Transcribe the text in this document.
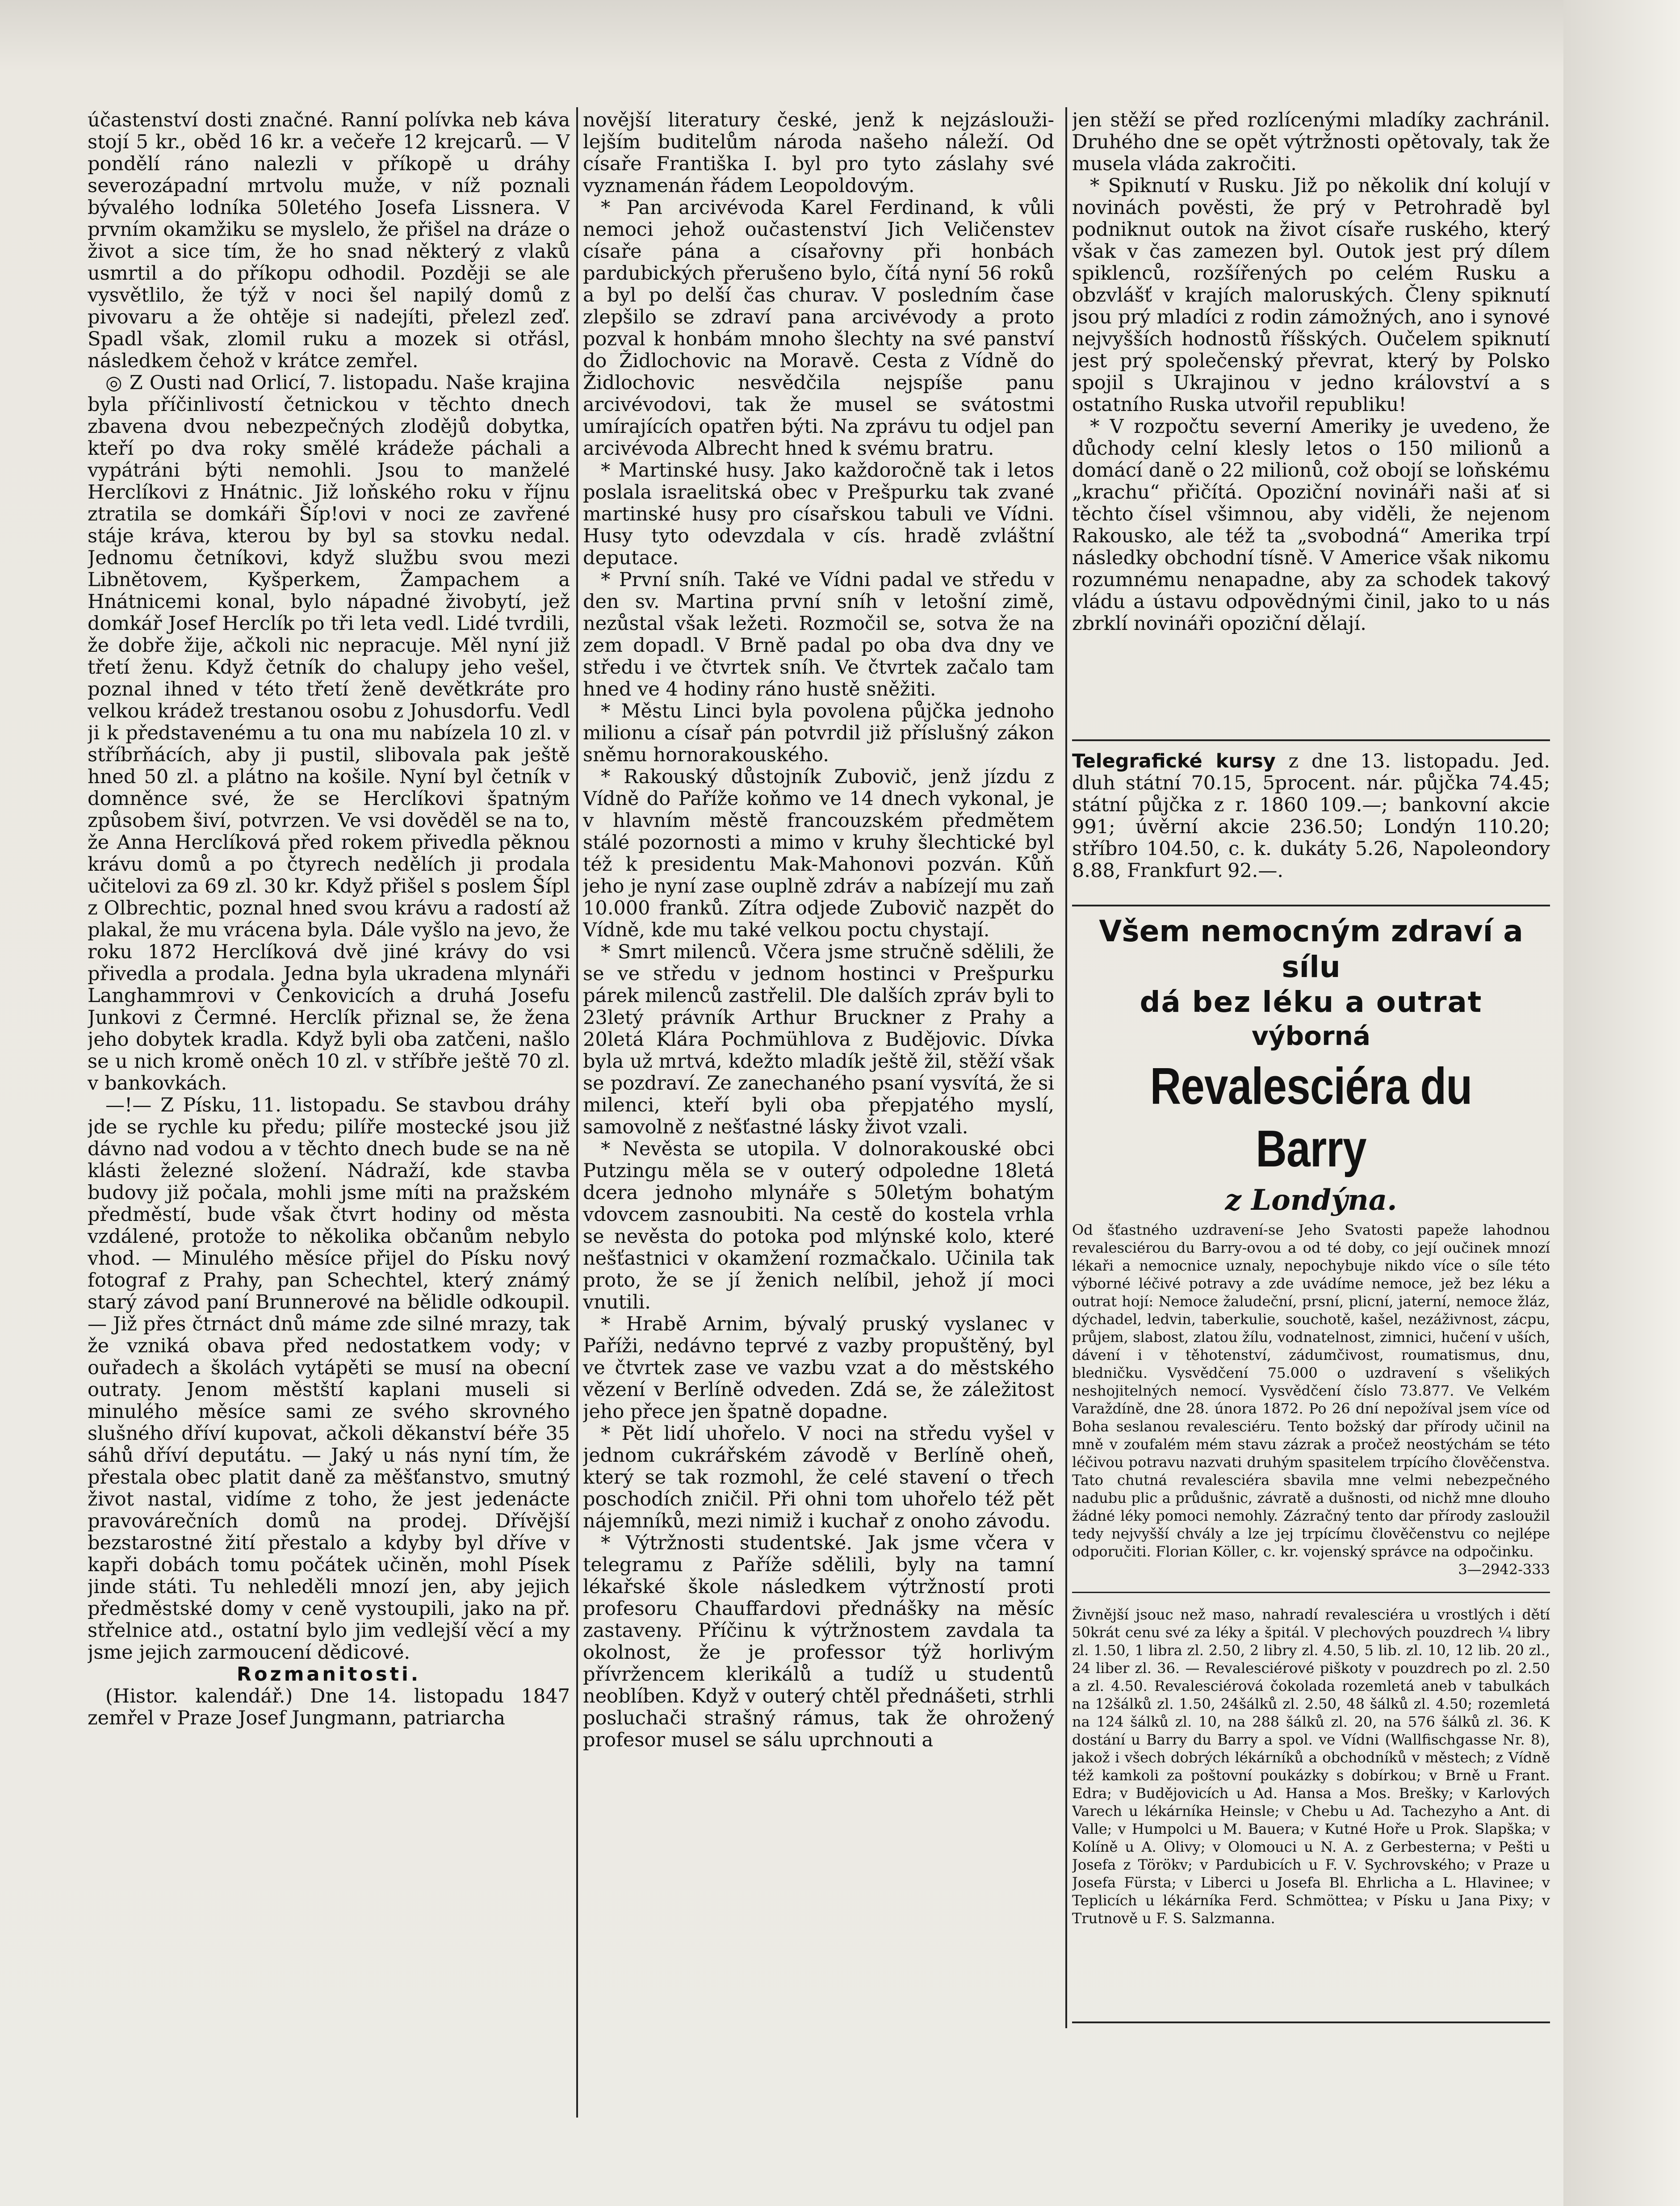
účastenství dosti značné. Ranní polívka neb káva stojí 5 kr., oběd 16 kr. a večeře 12 krejcarů. — V pondělí ráno nalezli v příkopě u dráhy severozápadní mrtvolu muže, v níž poznali bývalého lodníka 50letého Josefa Lissnera. V prvním okamžiku se myslelo, že přišel na dráze o život a sice tím, že ho snad některý z vlaků usmrtil a do příkopu odhodil. Později se ale vysvětlilo, že týž v noci šel napilý domů z pivovaru a že ohtěje si nadejíti, přelezl zeď. Spadl však, zlomil ruku a mozek si otřásl, následkem čehož v krátce zemřel.

◎ Z Ousti nad Orlicí, 7. listopadu. Naše krajina byla příčinlivostí četnickou v těchto dnech zbavena dvou nebezpečných zlodějů dobytka, kteří po dva roky smělé krádeže páchali a vypátráni býti nemohli. Jsou to manželé Herclíkovi z Hnátnic. Již loňského roku v říjnu ztratila se domkáři Šíp!ovi v noci ze zavřené stáje kráva, kterou by byl sa stovku nedal. Jednomu četníkovi, když službu svou mezi Libnětovem, Kyšperkem, Žampachem a Hnátnicemi konal, bylo nápadné živobytí, jež domkář Josef Herclík po tři leta vedl. Lidé tvrdili, že dobře žije, ačkoli nic nepracuje. Měl nyní již třetí ženu. Když četník do chalupy jeho vešel, poznal ihned v této třetí ženě devětkráte pro velkou krádež trestanou osobu z Johusdorfu. Vedl ji k představenému a tu ona mu nabízela 10 zl. v stříbrňácích, aby ji pustil, slibovala pak ještě hned 50 zl. a plátno na košile. Nyní byl četník v domněnce své, že se Herclíkovi špatným způsobem šiví, potvrzen. Ve vsi dověděl se na to, že Anna Herclíková před rokem přivedla pěknou krávu domů a po čtyrech nedělích ji prodala učitelovi za 69 zl. 30 kr. Když přišel s poslem Šípl z Olbrechtic, poznal hned svou krávu a radostí až plakal, že mu vrácena byla. Dále vyšlo na jevo, že roku 1872 Herclíková dvě jiné krávy do vsi přivedla a prodala. Jedna byla ukradena mlynáři Langhammrovi v Čenkovicích a druhá Josefu Junkovi z Čermné. Herclík přiznal se, že žena jeho dobytek kradla. Když byli oba zatčeni, našlo se u nich kromě oněch 10 zl. v stříbře ještě 70 zl. v bankovkách.

—!— Z Písku, 11. listopadu. Se stavbou dráhy jde se rychle ku předu; pilíře mostecké jsou již dávno nad vodou a v těchto dnech bude se na ně klásti železné složení. Nádraží, kde stavba budovy již počala, mohli jsme míti na pražském předměstí, bude však čtvrt hodiny od města vzdálené, protože to několika občanům nebylo vhod. — Minulého měsíce přijel do Písku nový fotograf z Prahy, pan Schechtel, který známý starý závod paní Brunnerové na bělidle odkoupil. — Již přes čtrnáct dnů máme zde silné mrazy, tak že vzniká obava před nedostatkem vody; v ouřadech a školách vytápěti se musí na obecní outraty. Jenom městští kaplani museli si minulého měsíce sami ze svého skrovného slušného dříví kupovat, ačkoli děkanství béře 35 sáhů dříví deputátu. — Jaký u nás nyní tím, že přestala obec platit daně za měšťanstvo, smutný život nastal, vidíme z toho, že jest jedenácte pravovárečních domů na prodej. Dřívější bezstarostné žití přestalo a kdyby byl dříve v kapři dobách tomu počátek učiněn, mohl Písek jinde státi. Tu nehleděli mnozí jen, aby jejich předměstské domy v ceně vystoupili, jako na př. střelnice atd., ostatní bylo jim vedlejší věcí a my jsme jejich zarmoucení dědicové.

Rozmanitosti.

(Histor. kalendář.) Dne 14. listopadu 1847 zemřel v Praze Josef Jungmann, patriarcha

novější literatury české, jenž k nejzáslouži-lejším buditelům národa našeho náleží. Od císaře Františka I. byl pro tyto záslahy své vyznamenán řádem Leopoldovým.

* Pan arcivévoda Karel Ferdinand, k vůli nemoci jehož oučastenství Jich Veličenstev císaře pána a císařovny při honbách pardubických přerušeno bylo, čítá nyní 56 roků a byl po delší čas churav. V posledním čase zlepšilo se zdraví pana arcivévody a proto pozval k honbám mnoho šlechty na své panství do Židlochovic na Moravě. Cesta z Vídně do Židlochovic nesvědčila nejspíše panu arcivévodovi, tak že musel se svátostmi umírajících opatřen býti. Na zprávu tu odjel pan arcivévoda Albrecht hned k svému bratru.

* Martinské husy. Jako každoročně tak i letos poslala israelitská obec v Prešpurku tak zvané martinské husy pro císařskou tabuli ve Vídni. Husy tyto odevzdala v cís. hradě zvláštní deputace.

* První sníh. Také ve Vídni padal ve středu v den sv. Martina první sníh v letošní zimě, nezůstal však ležeti. Rozmočil se, sotva že na zem dopadl. V Brně padal po oba dva dny ve středu i ve čtvrtek sníh. Ve čtvrtek začalo tam hned ve 4 hodiny ráno hustě sněžiti.

* Městu Linci byla povolena půjčka jednoho milionu a císař pán potvrdil již příslušný zákon sněmu hornorakouského.

* Rakouský důstojník Zubovič, jenž jízdu z Vídně do Paříže koňmo ve 14 dnech vykonal, je v hlavním městě francouzském předmětem stálé pozornosti a mimo v kruhy šlechtické byl též k presidentu Mak-Mahonovi pozván. Kůň jeho je nyní zase ouplně zdráv a nabízejí mu zaň 10.000 franků. Zítra odjede Zubovič nazpět do Vídně, kde mu také velkou poctu chystají.

* Smrt milenců. Včera jsme stručně sdělili, že se ve středu v jednom hostinci v Prešpurku párek milenců zastřelil. Dle dalších zpráv byli to 23letý právník Arthur Bruckner z Prahy a 20letá Klára Pochmühlova z Budějovic. Dívka byla už mrtvá, kdežto mladík ještě žil, stěží však se pozdraví. Ze zanechaného psaní vysvítá, že si milenci, kteří byli oba přepjatého myslí, samovolně z nešťastné lásky život vzali.

* Nevěsta se utopila. V dolnorakouské obci Putzingu měla se v outerý odpoledne 18letá dcera jednoho mlynáře s 50letým bohatým vdovcem zasnoubiti. Na cestě do kostela vrhla se nevěsta do potoka pod mlýnské kolo, které nešťastnici v okamžení rozmačkalo. Učinila tak proto, že se jí ženich nelíbil, jehož jí moci vnutili.

* Hrabě Arnim, bývalý pruský vyslanec v Paříži, nedávno teprvé z vazby propuštěný, byl ve čtvrtek zase ve vazbu vzat a do městského vězení v Berlíně odveden. Zdá se, že záležitost jeho přece jen špatně dopadne.

* Pět lidí uhořelo. V noci na středu vyšel v jednom cukrářském závodě v Berlíně oheň, který se tak rozmohl, že celé stavení o třech poschodích zničil. Při ohni tom uhořelo též pět nájemníků, mezi nimiž i kuchař z onoho závodu.

* Výtržnosti studentské. Jak jsme včera v telegramu z Paříže sdělili, byly na tamní lékařské škole následkem výtržností proti profesoru Chauffardovi přednášky na měsíc zastaveny. Příčinu k výtržnostem zavdala ta okolnost, že je professor týž horlivým přívržencem klerikálů a tudíž u studentů neoblíben. Když v outerý chtěl přednášeti, strhli posluchači strašný rámus, tak že ohrožený profesor musel se sálu uprchnouti a

jen stěží se před rozlícenými mladíky zachránil. Druhého dne se opět výtržnosti opětovaly, tak že musela vláda zakročiti.

* Spiknutí v Rusku. Již po několik dní kolují v novinách pověsti, že prý v Petrohradě byl podniknut outok na život císaře ruského, který však v čas zamezen byl. Outok jest prý dílem spiklenců, rozšířených po celém Rusku a obzvlášť v krajích maloruských. Členy spiknutí jsou prý mladíci z rodin zámožných, ano i synové nejvyšších hodnostů říšských. Oučelem spiknutí jest prý společenský převrat, který by Polsko spojil s Ukrajinou v jedno království a s ostatního Ruska utvořil republiku!

* V rozpočtu severní Ameriky je uvedeno, že důchody celní klesly letos o 150 milionů a domácí daně o 22 milionů, což obojí se loňskému „krachu“ přičítá. Opoziční novináři naši ať si těchto čísel všimnou, aby viděli, že nejenom Rakousko, ale též ta „svobodná“ Amerika trpí následky obchodní tísně. V Americe však nikomu rozumnému nenapadne, aby za schodek takový vládu a ústavu odpovědnými činil, jako to u nás zbrklí novináři opoziční dělají.

Telegrafické kursy z dne 13. listopadu. Jed. dluh státní 70.15, 5procent. nár. půjčka 74.45; státní půjčka z r. 1860 109.—; bankovní akcie 991; úvěrní akcie 236.50; Londýn 110.20; stříbro 104.50, c. k. dukáty 5.26, Napoleondory 8.88, Frankfurt 92.—.

Všem nemocným zdraví a sílu

dá bez léku a outrat

výborná

Revalesciéra du Barry

z Londýna.

Od šťastného uzdravení-se Jeho Svatosti papeže lahodnou revalesciérou du Barry-ovou a od té doby, co její oučinek mnozí lékaři a nemocnice uznaly, nepochybuje nikdo více o síle této výborné léčivé potravy a zde uvádíme nemoce, jež bez léku a outrat hojí: Nemoce žaludeční, prsní, plicní, jaterní, nemoce žláz, dýchadel, ledvin, taberkulie, souchotě, kašel, nezáživnost, zácpu, průjem, slabost, zlatou žílu, vodnatelnost, zimnici, hučení v uších, dávení i v těhotenství, zádumčivost, roumatismus, dnu, bledničku. Vysvědčení 75.000 o uzdravení s všelikých neshojitelných nemocí. Vysvědčení číslo 73.877. Ve Velkém Varaždíně, dne 28. února 1872. Po 26 dní nepožíval jsem více od Boha seslanou revalesciéru. Tento božský dar přírody učinil na mně v zoufalém mém stavu zázrak a pročež neostýchám se této léčivou potravu nazvati druhým spasitelem trpícího člověčenstva. Tato chutná revalesciéra sbavila mne velmi nebezpečného nadubu plic a průdušnic, závratě a dušnosti, od nichž mne dlouho žádné léky pomoci nemohly. Zázračný tento dar přírody zasloužil tedy nejvyšší chvály a lze jej trpícímu člověčenstvu co nejlépe odporučiti. Florian Köller, c. kr. vojenský správce na odpočinku.

3—2942-333

Živnější jsouc než maso, nahradí revalesciéra u vrostlých i dětí 50krát cenu své za léky a špitál. V plechových pouzdrech ¼ libry zl. 1.50, 1 libra zl. 2.50, 2 libry zl. 4.50, 5 lib. zl. 10, 12 lib. 20 zl., 24 liber zl. 36. — Revalesciérové piškoty v pouzdrech po zl. 2.50 a zl. 4.50. Revalesciérová čokolada rozemletá aneb v tabulkách na 12šálků zl. 1.50, 24šálků zl. 2.50, 48 šálků zl. 4.50; rozemletá na 124 šálků zl. 10, na 288 šálků zl. 20, na 576 šálků zl. 36. K dostání u Barry du Barry a spol. ve Vídni (Wallfischgasse Nr. 8), jakož i všech dobrých lékárníků a obchodníků v městech; z Vídně též kamkoli za poštovní poukázky s dobírkou; v Brně u Frant. Edra; v Budějovicích u Ad. Hansa a Mos. Brešky; v Karlových Varech u lékárníka Heinsle; v Chebu u Ad. Tachezyho a Ant. di Valle; v Humpolci u M. Bauera; v Kutné Hoře u Prok. Slapška; v Kolíně u A. Olivy; v Olomouci u N. A. z Gerbesterna; v Pešti u Josefa z Törökv; v Pardubicích u F. V. Sychrovského; v Praze u Josefa Fürsta; v Liberci u Josefa Bl. Ehrlicha a L. Hlavinee; v Teplicích u lékárníka Ferd. Schmöttea; v Písku u Jana Pixy; v Trutnově u F. S. Salzmanna.
